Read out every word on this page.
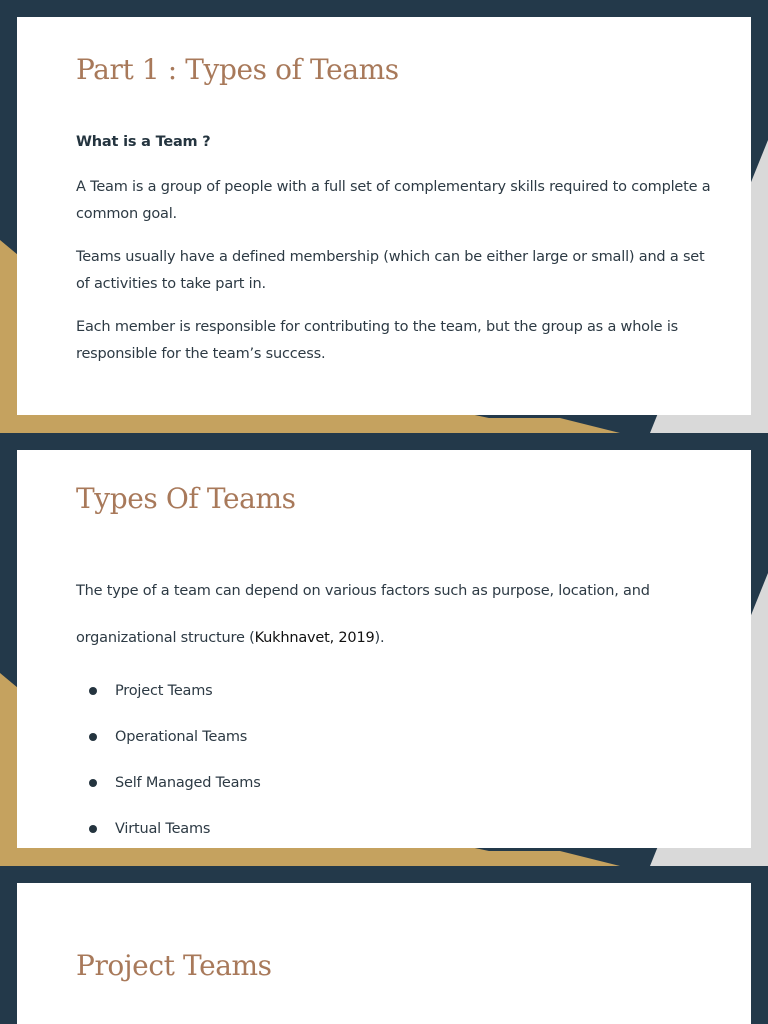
Part 1 : Types of Teams
What is a Team ?
A Team is a group of people with a full set of complementary skills required to complete a common goal.
Teams usually have a defined membership (which can be either large or small) and a set of activities to take part in.
Each member is responsible for contributing to the team, but the group as a whole is responsible for the team’s success.
Types Of Teams
The type of a team can depend on various factors such as purpose, location, and
organizational structure (Kukhnavet, 2019).
Project Teams
Operational Teams
Self Managed Teams
Virtual Teams
Project Teams
